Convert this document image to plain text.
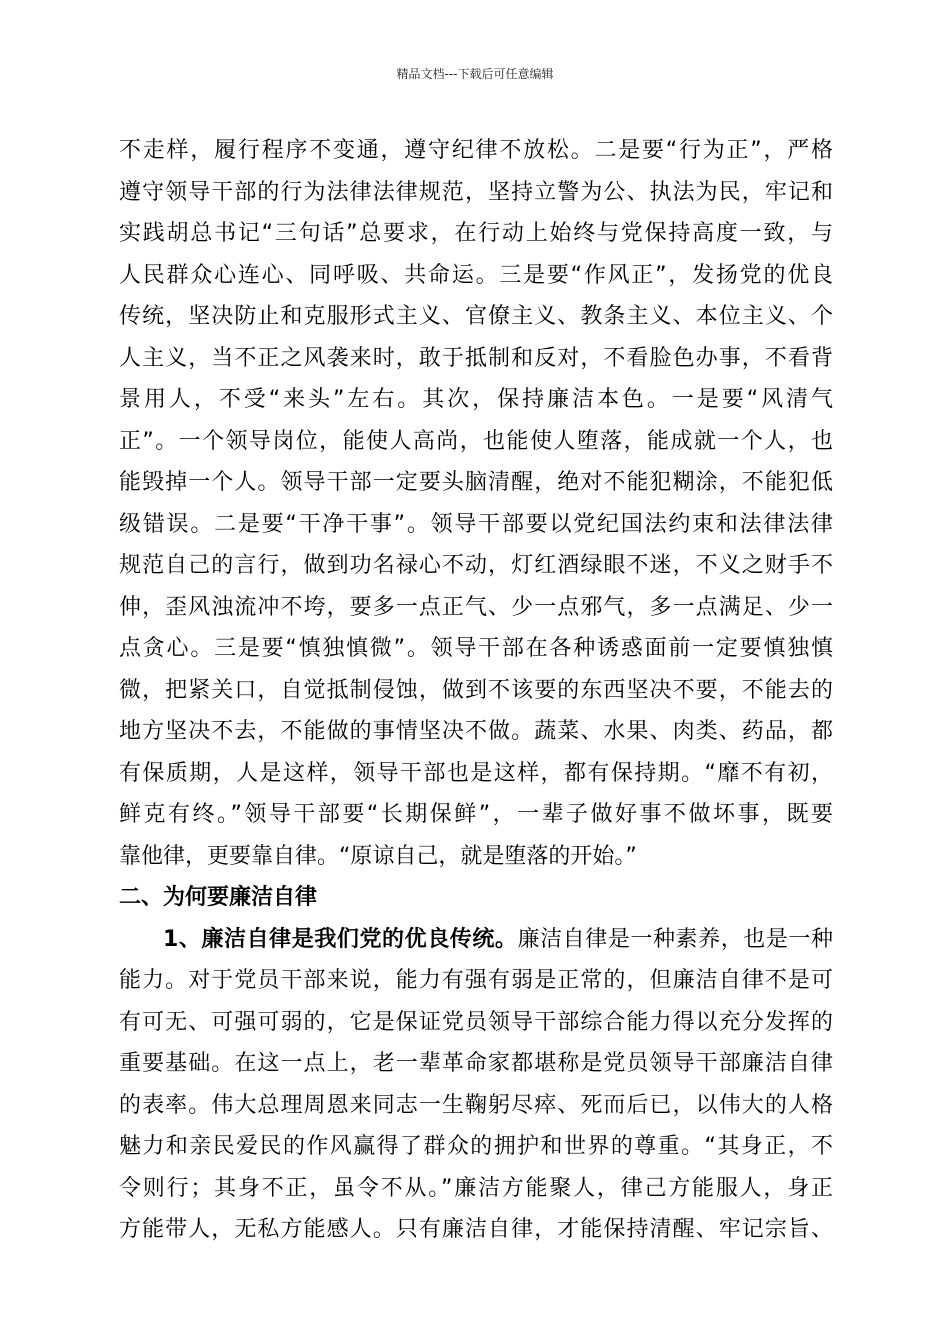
精品文档---下载后可任意编辑
不走样，履行程序不变通，遵守纪律不放松。二是要“行为正”，严格
遵守领导干部的行为法律法律规范，坚持立警为公、执法为民，牢记和
实践胡总书记“三句话”总要求，在行动上始终与党保持高度一致，与
人民群众心连心、同呼吸、共命运。三是要“作风正”，发扬党的优良
传统，坚决防止和克服形式主义、官僚主义、教条主义、本位主义、个
人主义，当不正之风袭来时，敢于抵制和反对，不看脸色办事，不看背
景用人，不受“来头”左右。其次，保持廉洁本色。一是要“风清气
正”。一个领导岗位，能使人高尚，也能使人堕落，能成就一个人，也
能毁掉一个人。领导干部一定要头脑清醒，绝对不能犯糊涂，不能犯低
级错误。二是要“干净干事”。领导干部要以党纪国法约束和法律法律
规范自己的言行，做到功名禄心不动，灯红酒绿眼不迷，不义之财手不
伸，歪风浊流冲不垮，要多一点正气、少一点邪气，多一点满足、少一
点贪心。三是要“慎独慎微”。领导干部在各种诱惑面前一定要慎独慎
微，把紧关口，自觉抵制侵蚀，做到不该要的东西坚决不要，不能去的
地方坚决不去，不能做的事情坚决不做。蔬菜、水果、肉类、药品，都
有保质期，人是这样，领导干部也是这样，都有保持期。“靡不有初，
鲜克有终。”领导干部要“长期保鲜”，一辈子做好事不做坏事，既要
靠他律，更要靠自律。“原谅自己，就是堕落的开始。”
二、为何要廉洁自律
1、廉洁自律是我们党的优良传统。廉洁自律是一种素养，也是一种
能力。对于党员干部来说，能力有强有弱是正常的，但廉洁自律不是可
有可无、可强可弱的，它是保证党员领导干部综合能力得以充分发挥的
重要基础。在这一点上，老一辈革命家都堪称是党员领导干部廉洁自律
的表率。伟大总理周恩来同志一生鞠躬尽瘁、死而后已，以伟大的人格
魅力和亲民爱民的作风赢得了群众的拥护和世界的尊重。“其身正，不
令则行；其身不正，虽令不从。”廉洁方能聚人，律己方能服人，身正
方能带人，无私方能感人。只有廉洁自律，才能保持清醒、牢记宗旨、
